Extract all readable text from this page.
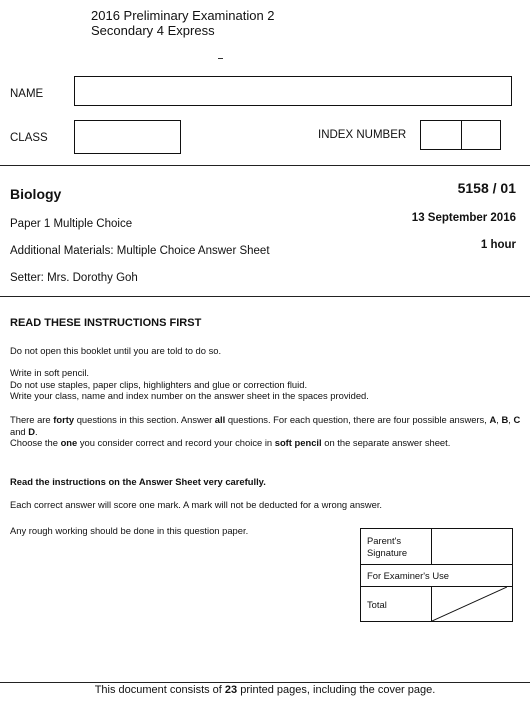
2016 Preliminary Examination 2
Secondary 4 Express
NAME
CLASS	INDEX NUMBER
Biology	5158 / 01
Paper 1 Multiple Choice	13 September 2016
Additional Materials: Multiple Choice Answer Sheet	1 hour
Setter: Mrs. Dorothy Goh
READ THESE INSTRUCTIONS FIRST
Do not open this booklet until you are told to do so.
Write in soft pencil.
Do not use staples, paper clips, highlighters and glue or correction fluid.
Write your class, name and index number on the answer sheet in the spaces provided.
There are forty questions in this section. Answer all questions. For each question, there are four possible answers, A, B, C and D.
Choose the one you consider correct and record your choice in soft pencil on the separate answer sheet.
Read the instructions on the Answer Sheet very carefully.
Each correct answer will score one mark. A mark will not be deducted for a wrong answer.
Any rough working should be done in this question paper.
Parent's
Signature	

For Examiner's Use	
Total	
This document consists of 23 printed pages, including the cover page.
